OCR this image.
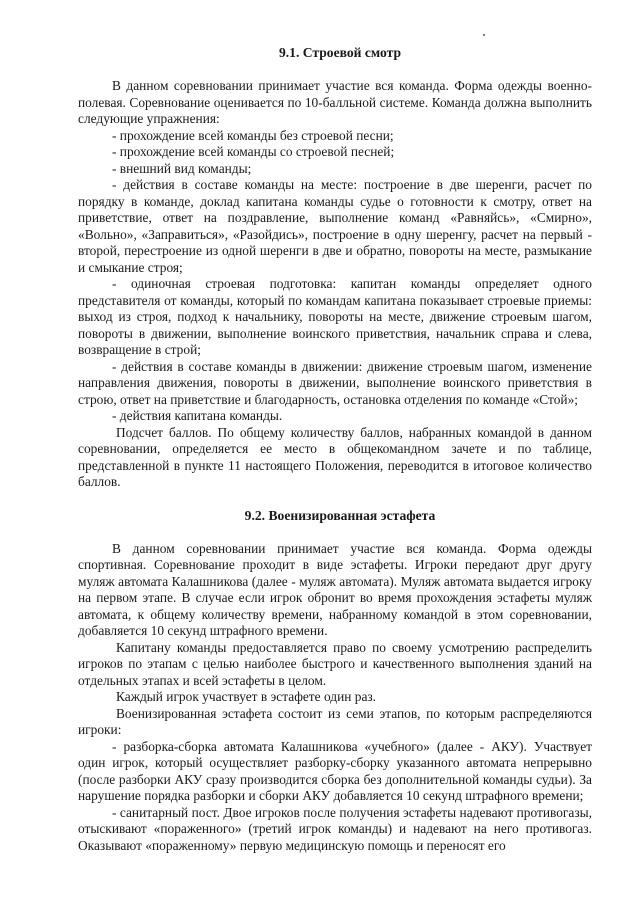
9.1. Строевой смотр

В данном соревновании принимает участие вся команда. Форма одежды военно-полевая. Соревнование оценивается по 10-балльной системе. Команда должна выполнить следующие упражнения:

- прохождение всей команды без строевой песни;

- прохождение всей команды со строевой песней;

- внешний вид команды;

- действия в составе команды на месте: построение в две шеренги, расчет по порядку в команде, доклад капитана команды судье о готовности к смотру, ответ на приветствие, ответ на поздравление, выполнение команд «Равняйсь», «Смирно», «Вольно», «Заправиться», «Разойдись», построение в одну шеренгу, расчет на первый - второй, перестроение из одной шеренги в две и обратно, повороты на месте, размыкание и смыкание строя;

- одиночная строевая подготовка: капитан команды определяет одного представителя от команды, который по командам капитана показывает строевые приемы: выход из строя, подход к начальнику, повороты на месте, движение строевым шагом, повороты в движении, выполнение воинского приветствия, начальник справа и слева, возвращение в строй;

- действия в составе команды в движении: движение строевым шагом, изменение направления движения, повороты в движении, выполнение воинского приветствия в строю, ответ на приветствие и благодарность, остановка отделения по команде «Стой»;

- действия капитана команды.

Подсчет баллов. По общему количеству баллов, набранных командой в данном соревновании, определяется ее место в общекомандном зачете и по таблице, представленной в пункте 11 настоящего Положения, переводится в итоговое количество баллов.

9.2. Военизированная эстафета

В данном соревновании принимает участие вся команда. Форма одежды спортивная. Соревнование проходит в виде эстафеты. Игроки передают друг другу муляж автомата Калашникова (далее - муляж автомата). Муляж автомата выдается игроку на первом этапе. В случае если игрок обронит во время прохождения эстафеты муляж автомата, к общему количеству времени, набранному командой в этом соревновании, добавляется 10 секунд штрафного времени.

Капитану команды предоставляется право по своему усмотрению распределить игроков по этапам с целью наиболее быстрого и качественного выполнения зданий на отдельных этапах и всей эстафеты в целом.

Каждый игрок участвует в эстафете один раз.

Военизированная эстафета состоит из семи этапов, по которым распределяются игроки:

- разборка-сборка автомата Калашникова «учебного» (далее - АКУ). Участвует один игрок, который осуществляет разборку-сборку указанного автомата непрерывно (после разборки АКУ сразу производится сборка без дополнительной команды судьи). За нарушение порядка разборки и сборки АКУ добавляется 10 секунд штрафного времени;

- санитарный пост. Двое игроков после получения эстафеты надевают противогазы, отыскивают «пораженного» (третий игрок команды) и надевают на него противогаз. Оказывают «пораженному» первую медицинскую помощь и переносят его
